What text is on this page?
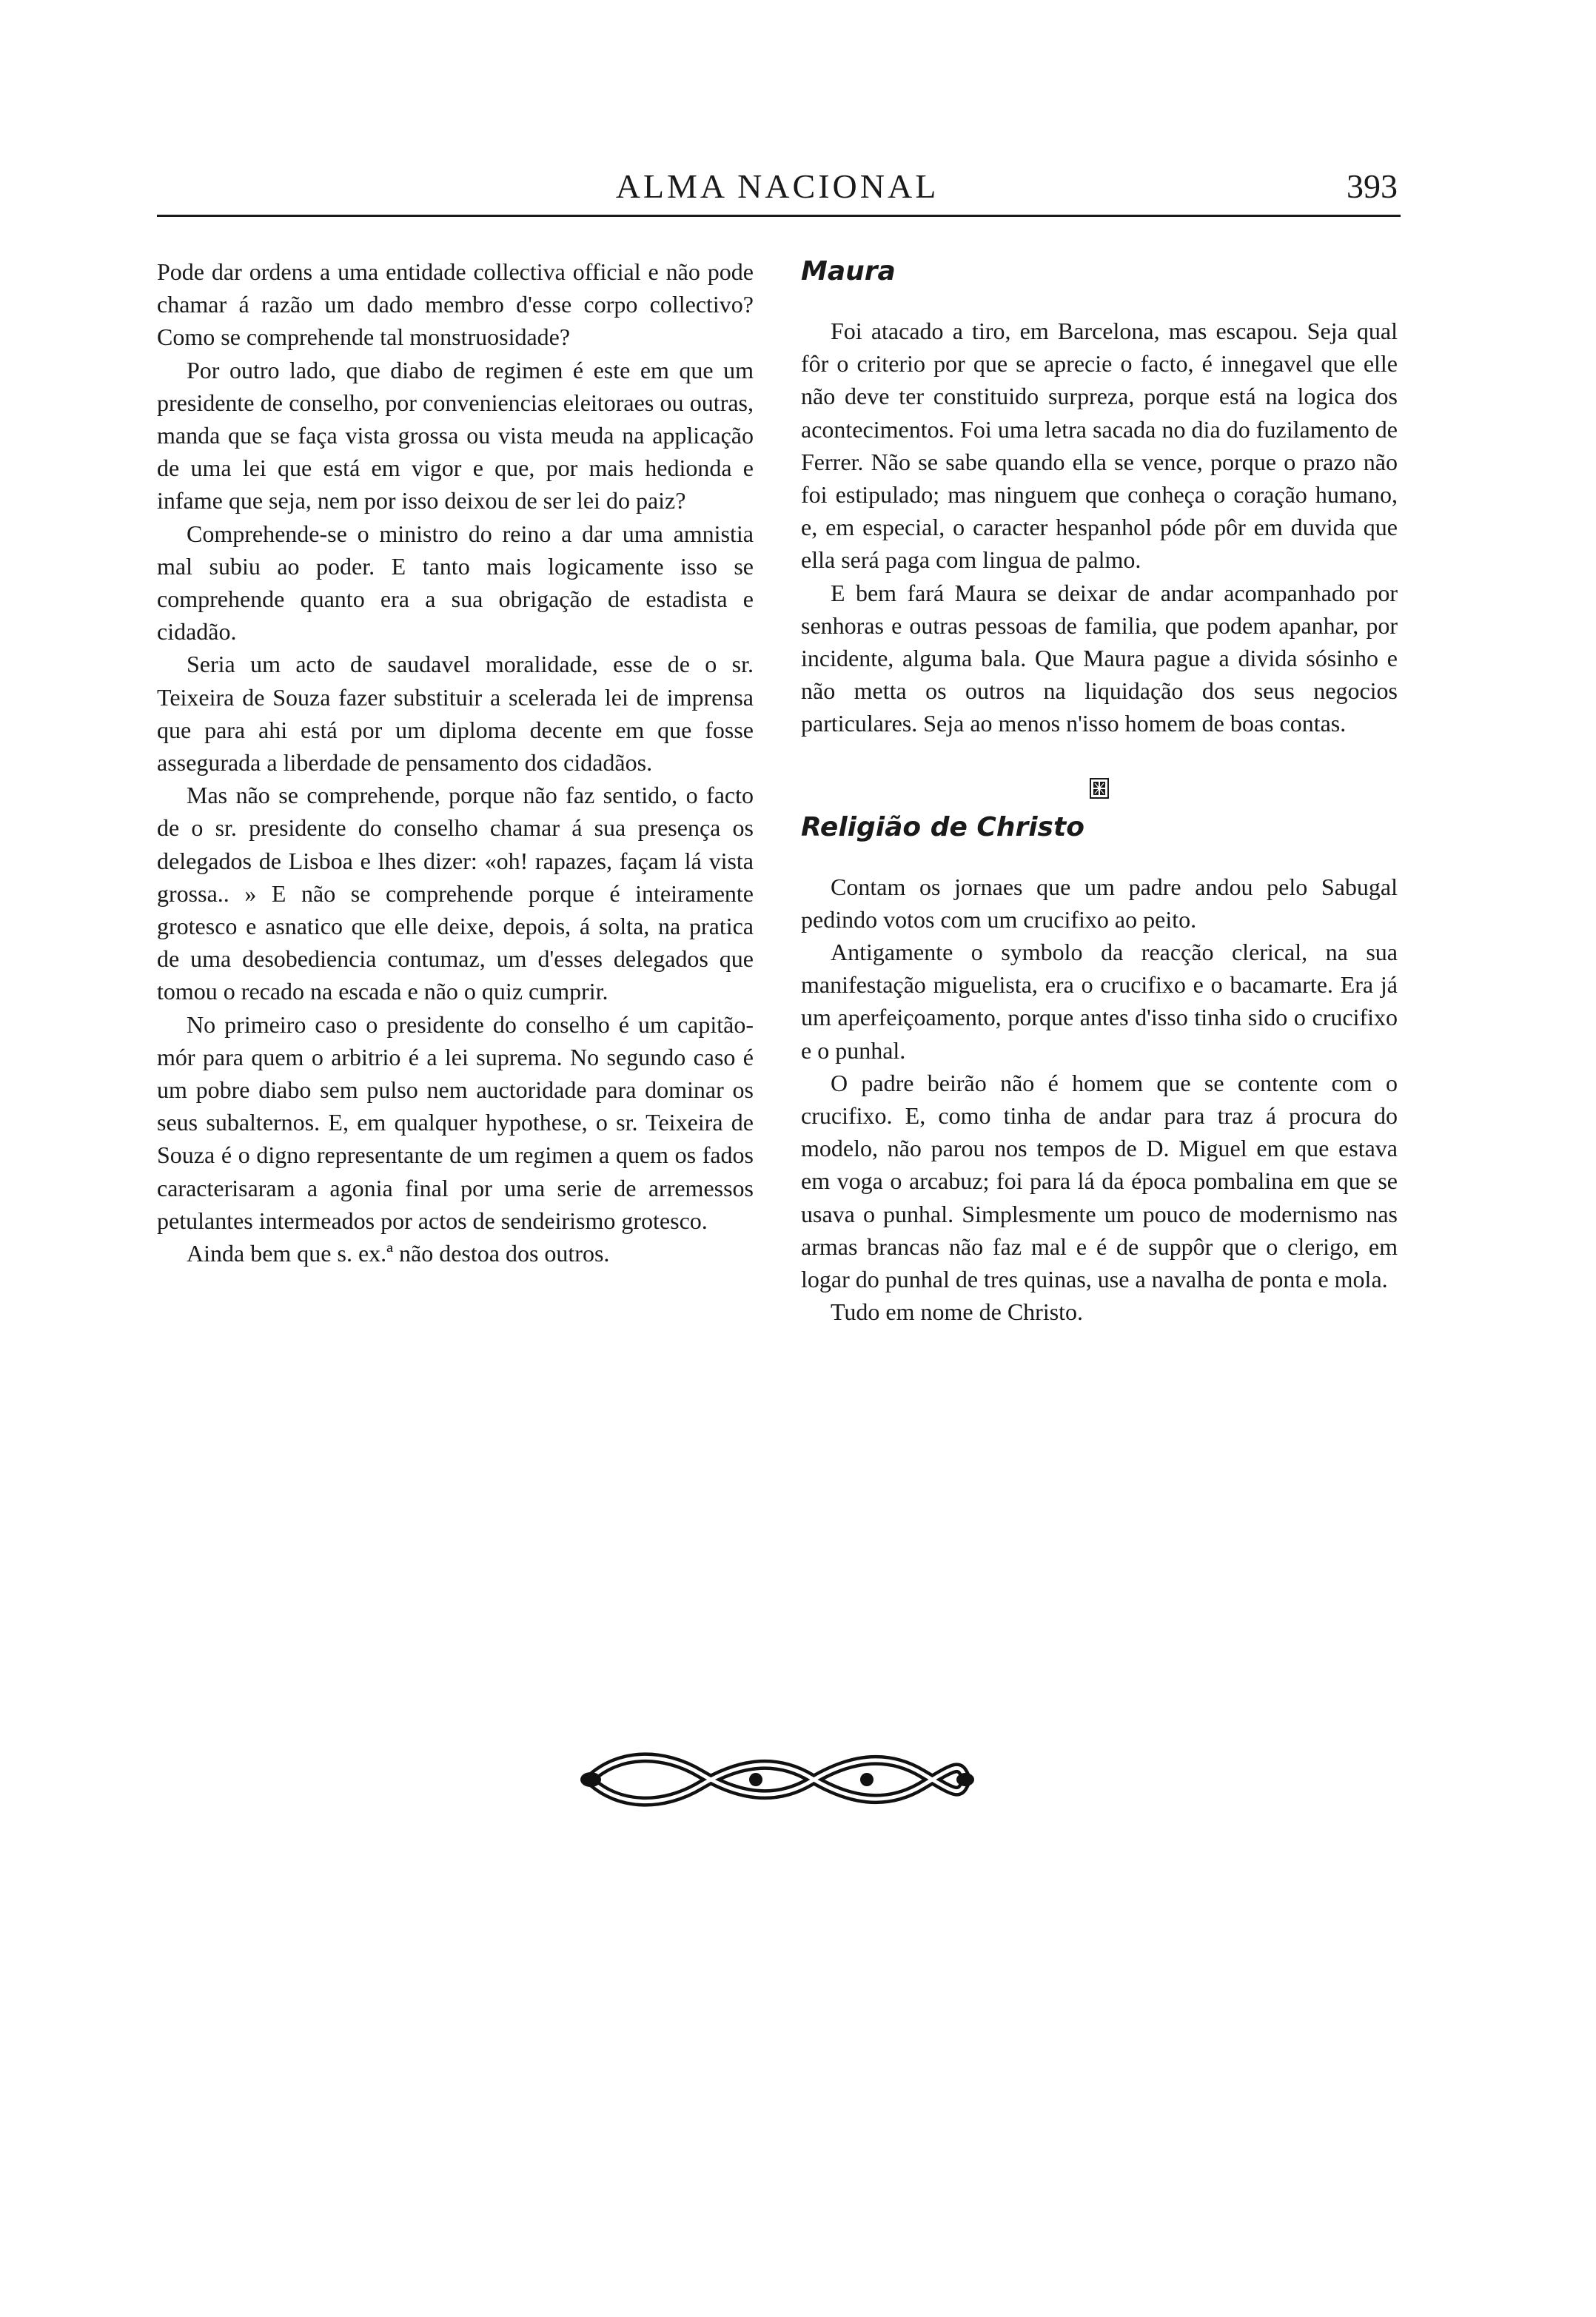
ALMA NACIONAL	393

Pode dar ordens a uma entidade collectiva official e não pode chamar á razão um dado membro d'esse corpo collectivo? Como se comprehende tal monstruosidade?

Por outro lado, que diabo de regimen é este em que um presidente de conselho, por conveniencias eleitoraes ou outras, manda que se faça vista grossa ou vista meuda na applicação de uma lei que está em vigor e que, por mais hedionda e infame que seja, nem por isso deixou de ser lei do paiz?

Comprehende-se o ministro do reino a dar uma amnistia mal subiu ao poder. E tanto mais logicamente isso se comprehende quanto era a sua obrigação de estadista e cidadão.

Seria um acto de saudavel moralidade, esse de o sr. Teixeira de Souza fazer substituir a scelerada lei de imprensa que para ahi está por um diploma decente em que fosse assegurada a liberdade de pensamento dos cidadãos.

Mas não se comprehende, porque não faz sentido, o facto de o sr. presidente do conselho chamar á sua presença os delegados de Lisboa e lhes dizer: «oh! rapazes, façam lá vista grossa.. » E não se comprehende porque é inteiramente grotesco e asnatico que elle deixe, depois, á solta, na pratica de uma desobediencia contumaz, um d'esses delegados que tomou o recado na escada e não o quiz cumprir.

No primeiro caso o presidente do conselho é um capitão-mór para quem o arbitrio é a lei suprema. No segundo caso é um pobre diabo sem pulso nem auctoridade para dominar os seus subalternos. E, em qualquer hypothese, o sr. Teixeira de Souza é o digno representante de um regimen a quem os fados caracterisaram a agonia final por uma serie de arremessos petulantes intermeados por actos de sendeirismo grotesco.

Ainda bem que s. ex.ª não destoa dos outros.

Maura

Foi atacado a tiro, em Barcelona, mas escapou. Seja qual fôr o criterio por que se aprecie o facto, é innegavel que elle não deve ter constituido surpreza, porque está na logica dos acontecimentos. Foi uma letra sacada no dia do fuzilamento de Ferrer. Não se sabe quando ella se vence, porque o prazo não foi estipulado; mas ninguem que conheça o coração humano, e, em especial, o caracter hespanhol póde pôr em duvida que ella será paga com lingua de palmo.

E bem fará Maura se deixar de andar acompanhado por senhoras e outras pessoas de familia, que podem apanhar, por incidente, alguma bala. Que Maura pague a divida sósinho e não metta os outros na liquidação dos seus negocios particulares. Seja ao menos n'isso homem de boas contas.

Religião de Christo

Contam os jornaes que um padre andou pelo Sabugal pedindo votos com um crucifixo ao peito.

Antigamente o symbolo da reacção clerical, na sua manifestação miguelista, era o crucifixo e o bacamarte. Era já um aperfeiçoamento, porque antes d'isso tinha sido o crucifixo e o punhal.

O padre beirão não é homem que se contente com o crucifixo. E, como tinha de andar para traz á procura do modelo, não parou nos tempos de D. Miguel em que estava em voga o arcabuz; foi para lá da época pombalina em que se usava o punhal. Simplesmente um pouco de modernismo nas armas brancas não faz mal e é de suppôr que o clerigo, em logar do punhal de tres quinas, use a navalha de ponta e mola.

Tudo em nome de Christo.
